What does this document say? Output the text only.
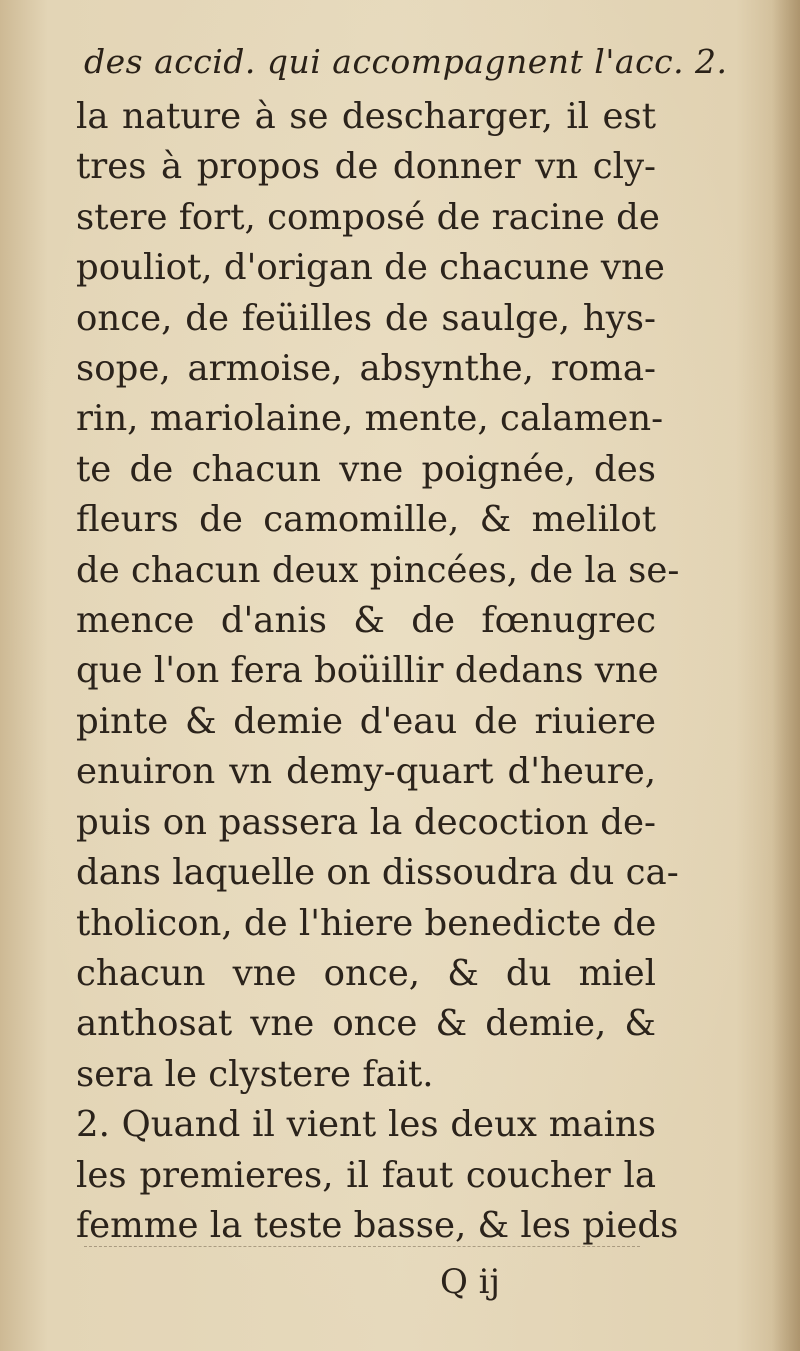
des accid. qui accompagnent l'acc. 2.
la nature à se descharger, il est
tres à propos de donner vn cly-
stere fort, composé de racine de
pouliot, d'origan de chacune vne
once, de feüilles de saulge, hys-
sope, armoise, absynthe, roma-
rin, mariolaine, mente, calamen-
te de chacun vne poignée, des
fleurs de camomille, & melilot
de chacun deux pincées, de la se-
mence d'anis & de fœnugrec
que l'on fera boüillir dedans vne
pinte & demie d'eau de riuiere
enuiron vn demy-quart d'heure,
puis on passera la decoction de-
dans laquelle on dissoudra du ca-
tholicon, de l'hiere benedicte de
chacun vne once, & du miel
anthosat vne once & demie, &
sera le clystere fait.
2. Quand il vient les deux mains
les premieres, il faut coucher la
femme la teste basse, & les pieds
Q ij
